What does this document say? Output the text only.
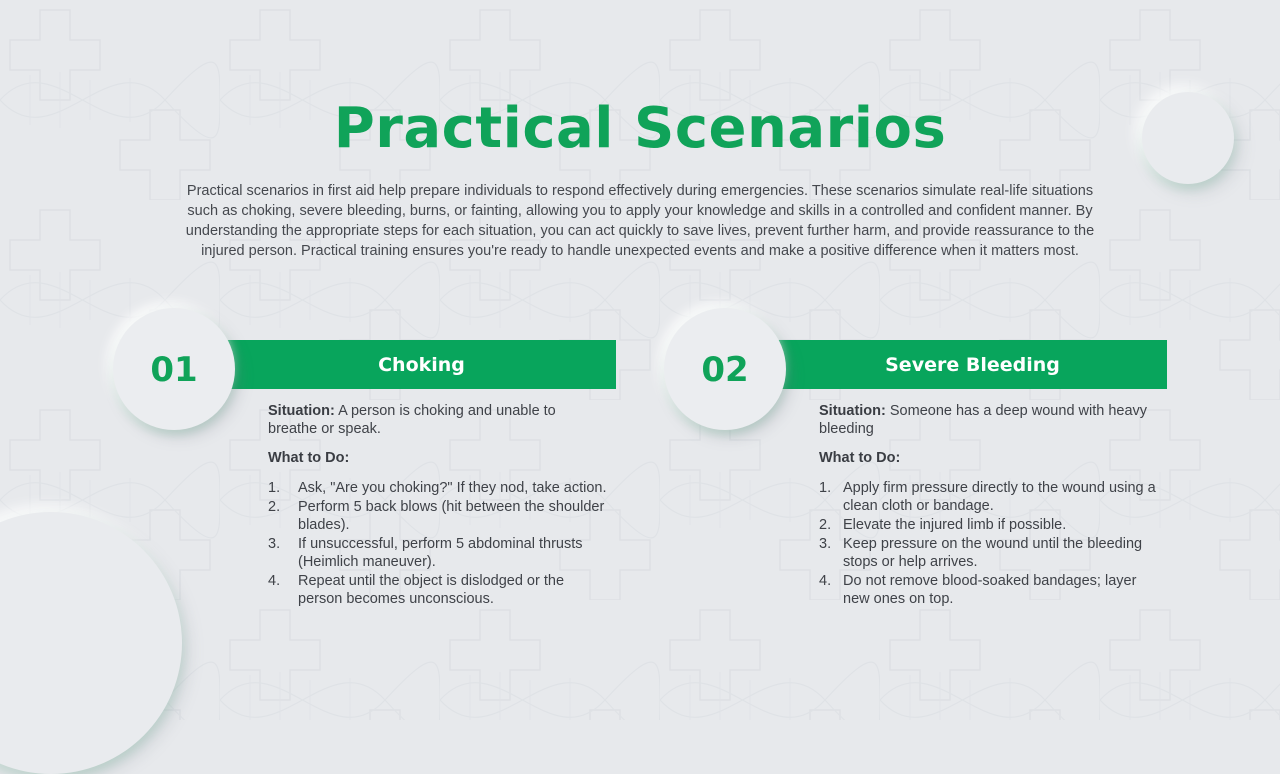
Practical Scenarios

Practical scenarios in first aid help prepare individuals to respond effectively during emergencies. These scenarios simulate real-life situations such as choking, severe bleeding, burns, or fainting, allowing you to apply your knowledge and skills in a controlled and confident manner. By understanding the appropriate steps for each situation, you can act quickly to save lives, prevent further harm, and provide reassurance to the injured person. Practical training ensures you're ready to handle unexpected events and make a positive difference when it matters most.

Choking
01

Situation: A person is choking and unable to breathe or speak.

What to Do:

1. Ask, "Are you choking?" If they nod, take action.
2. Perform 5 back blows (hit between the shoulder blades).
3. If unsuccessful, perform 5 abdominal thrusts (Heimlich maneuver).
4. Repeat until the object is dislodged or the person becomes unconscious.
Severe Bleeding
02

Situation: Someone has a deep wound with heavy bleeding

What to Do:

1. Apply firm pressure directly to the wound using a clean cloth or bandage.
2. Elevate the injured limb if possible.
3. Keep pressure on the wound until the bleeding stops or help arrives.
4. Do not remove blood-soaked bandages; layer new ones on top.
